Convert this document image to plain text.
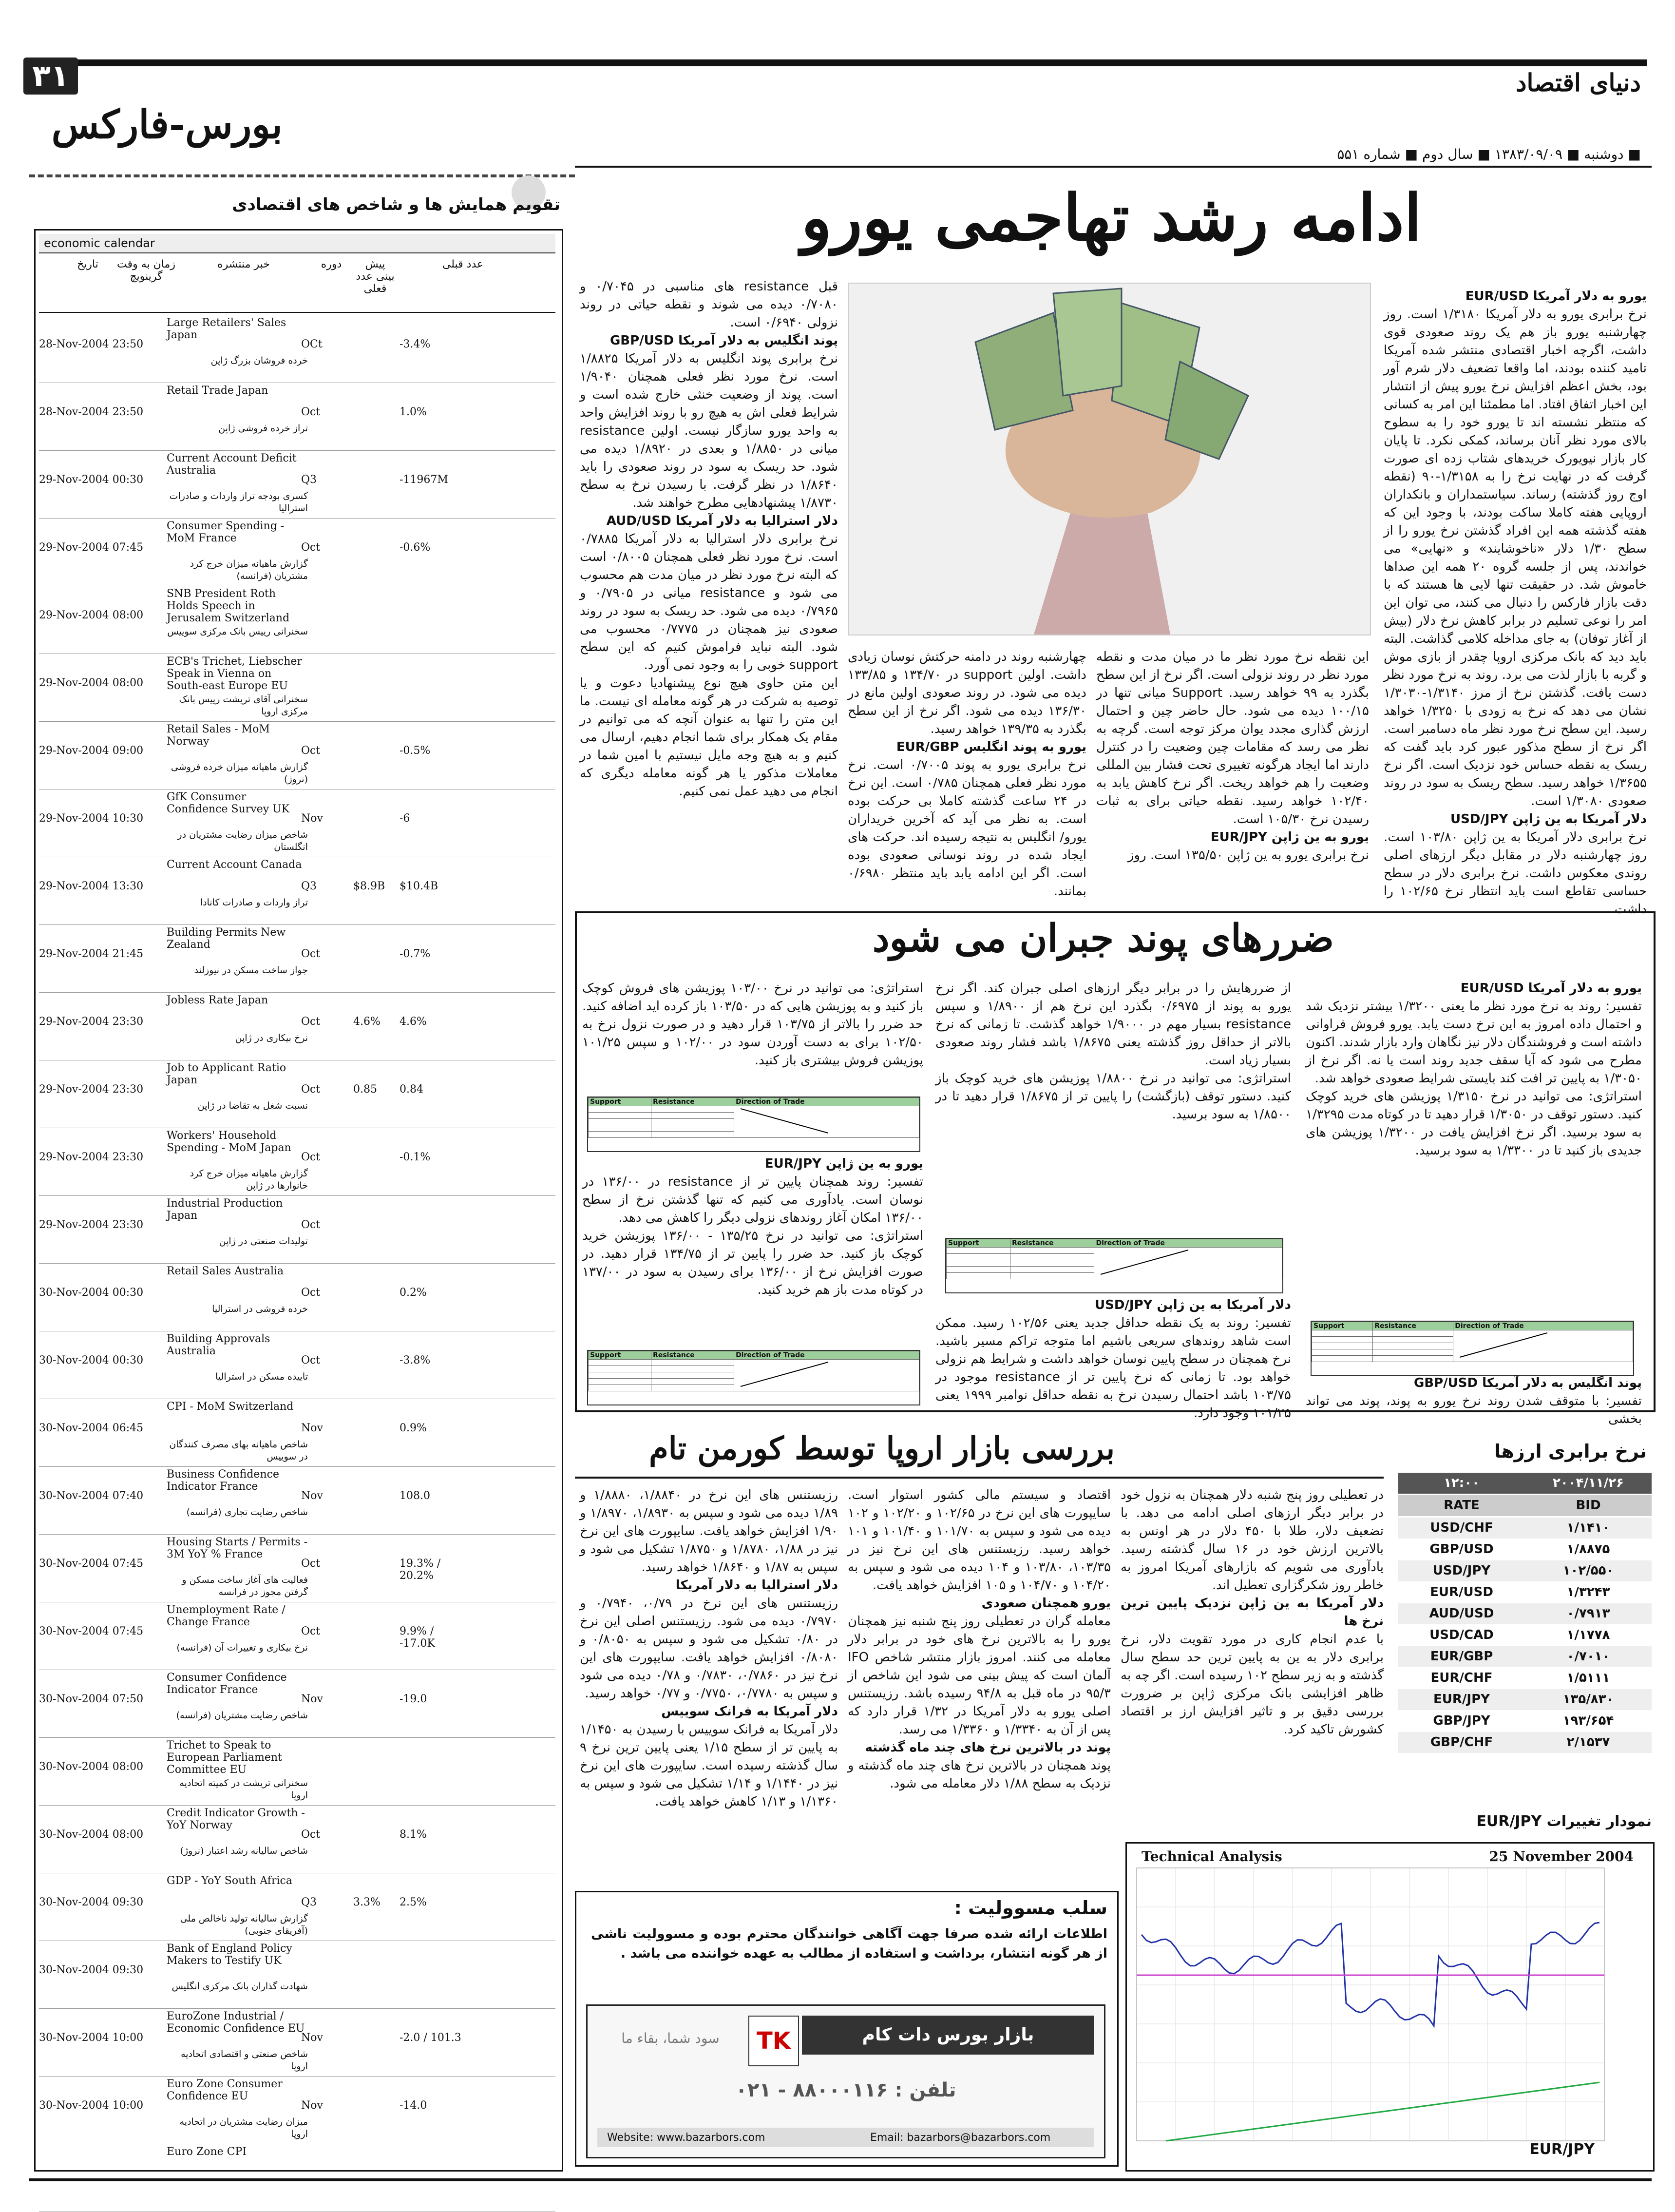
۳۱
بورس-فارکس
دنیای اقتصاد
■ دوشنبه ■ ۱۳۸۳/۰۹/۰۹ ■ سال دوم ■ شماره ۵۵۱
ادامه رشد تهاجمی یورو
یورو به دلار آمریکا EUR/USD
نرخ برابری یورو به دلار آمریکا ۱/۳۱۸۰ است. روز چهارشنبه یورو باز هم یک روند صعودی قوی داشت، اگرچه اخبار اقتصادی منتشر شده آمریکا تامید کننده بودند، اما واقعا تضعیف دلار شرم آور بود، بخش اعظم افزایش نرخ یورو پیش از انتشار این اخبار اتفاق افتاد. اما مطمئنا این امر به کسانی که منتظر نشسته اند تا یورو خود را به سطوح بالای مورد نظر آنان برساند، کمکی نکرد. تا پایان کار بازار نیویورک خریدهای شتاب زده ای صورت گرفت که در نهایت نرخ را به ۱/۳۱۵۸-۹۰ (نقطه اوج روز گذشته) رساند. سیاستمداران و بانکداران اروپایی هفته کاملا ساکت بودند، با وجود این که هفته گذشته همه این افراد گذشتن نرخ یورو را از سطح ۱/۳۰ دلار «ناخوشایند» و «نهایی» می خواندند، پس از جلسه گروه ۲۰ همه این صداها خاموش شد. در حقیقت تنها لایی ها هستند که با دقت بازار فارکس را دنبال می کنند، می توان این امر را نوعی تسلیم در برابر کاهش نرخ دلار (بیش از آغاز توفان) به جای مداخله کلامی گذاشت. البته باید دید که بانک مرکزی اروپا چقدر از بازی موش و گربه با بازار لذت می برد. روند به نرخ مورد نظر دست یافت. گذشتن نرخ از مرز ۱/۳۱۴۰-۱/۳۰۳۰ نشان می دهد که نرخ به زودی با ۱/۳۲۵۰ خواهد رسید. این سطح نرخ مورد نظر ماه دسامبر است. اگر نرخ از سطح مذکور عبور کرد باید گفت که ریسک به نقطه حساس خود نزدیک است. اگر نرخ ۱/۳۶۵۵ خواهد رسید. سطح ریسک به سود در روند صعودی ۱/۳۰۸۰ است.
دلار آمریکا به ین ژاپن USD/JPY
نرخ برابری دلار آمریکا به ین ژاپن ۱۰۳/۸۰ است. روز چهارشنبه دلار در مقابل دیگر ارزهای اصلی روندی معکوس داشت. نرخ برابری دلار در سطح حساسی تقاطع است باید انتظار نرخ ۱۰۲/۶۵ را داشت.
این نقطه نرخ مورد نظر ما در میان مدت و نقطه مورد نظر در روند نزولی است. اگر نرخ از این سطح بگذرد به ۹۹ خواهد رسید. Support میانی تنها در ۱۰۰/۱۵ دیده می شود. حال حاضر چین و احتمال ارزش گذاری مجدد یوان مرکز توجه است. گرچه به نظر می رسد که مقامات چین وضعیت را در کنترل دارند اما ایجاد هرگونه تغییری تحت فشار بین المللی وضعیت را هم خواهد ریخت. اگر نرخ کاهش یابد به ۱۰۲/۴۰ خواهد رسید. نقطه حیاتی برای به ثبات رسیدن نرخ ۱۰۵/۳۰ است.
یورو به ین ژاپن EUR/JPY
نرخ برابری یورو به ین ژاپن ۱۳۵/۵۰ است. روز
چهارشنبه روند در دامنه حرکتش نوسان زیادی داشت. اولین support در ۱۳۴/۷۰ و ۱۳۳/۸۵ دیده می شود. در روند صعودی اولین مانع در ۱۳۶/۳۰ دیده می شود. اگر نرخ از این سطح بگذرد به ۱۳۹/۳۵ خواهد رسید.
یورو به پوند انگلیس EUR/GBP
نرخ برابری یورو به پوند ۰/۷۰۰۵ است. نرخ مورد نظر فعلی همچنان ۰/۷۸۵ است. این نرخ در ۲۴ ساعت گذشته کاملا بی حرکت بوده است. به نظر می آید که آخرین خریداران یورو/ انگلیس به نتیجه رسیده اند. حرکت های ایجاد شده در روند نوسانی صعودی بوده است. اگر این ادامه یابد باید منتظر ۰/۶۹۸۰ بمانند.
قبل resistance های مناسبی در ۰/۷۰۴۵ و ۰/۷۰۸۰ دیده می شوند و نقطه حیاتی در روند نزولی ۰/۶۹۴۰ است.
پوند انگلیس به دلار آمریکا GBP/USD
نرخ برابری پوند انگلیس به دلار آمریکا ۱/۸۸۲۵ است. نرخ مورد نظر فعلی همچنان ۱/۹۰۴۰ است. پوند از وضعیت خنثی خارج شده است و شرایط فعلی اش به هیچ رو با روند افزایش واحد به واحد یورو سازگار نیست. اولین resistance میانی در ۱/۸۸۵۰ و بعدی در ۱/۸۹۲۰ دیده می شود. حد ریسک به سود در روند صعودی را باید ۱/۸۶۴۰ در نظر گرفت. با رسیدن نرخ به سطح ۱/۸۷۳۰ پیشنهادهایی مطرح خواهند شد.
دلار استرالیا به دلار آمریکا AUD/USD
نرخ برابری دلار استرالیا به دلار آمریکا ۰/۷۸۸۵ است. نرخ مورد نظر فعلی همچنان ۰/۸۰۰۵ است که البته نرخ مورد نظر در میان مدت هم محسوب می شود و resistance میانی در ۰/۷۹۰۵ و ۰/۷۹۶۵ دیده می شود. حد ریسک به سود در روند صعودی نیز همچنان در ۰/۷۷۷۵ محسوب می شود. البته نباید فراموش کنیم که این سطح support خوبی را به وجود نمی آورد.
این متن حاوی هیچ نوع پیشنهادیا دعوت و یا توصیه به شرکت در هر گونه معامله ای نیست. ما این متن را تنها به عنوان آنچه که می توانیم در مقام یک همکار برای شما انجام دهیم، ارسال می کنیم و به هیچ وجه مایل نیستیم با امین شما در معاملات مذکور یا هر گونه معامله دیگری که انجام می دهید عمل نمی کنیم.
ضررهای پوند جبران می شود
یورو به دلار آمریکا EUR/USD
تفسیر: روند به نرخ مورد نظر ما یعنی ۱/۳۲۰۰ بیشتر نزدیک شد و احتمال داده امروز به این نرخ دست یابد. یورو فروش فراوانی داشته است و فروشندگان دلار نیز نگاهان وارد بازار شدند. اکنون مطرح می شود که آیا سقف جدید روند است یا نه. اگر نرخ از ۱/۳۰۵۰ به پایین تر افت کند بایستی شرایط صعودی خواهد شد.
استراتژی: می توانید در نرخ ۱/۳۱۵۰ پوزیشن های خرید کوچک کنید. دستور توقف در ۱/۳۰۵۰ قرار دهید تا در کوتاه مدت ۱/۳۲۹۵ به سود برسید. اگر نرخ افزایش یافت در ۱/۳۲۰۰ پوزیشن های جدیدی باز کنید تا در ۱/۳۳۰۰ به سود برسید.
Support	Resistance	Direction of Trade

پوند انگلیس به دلار آمریکا GBP/USD
تفسیر: با متوقف شدن روند نرخ یورو به پوند، پوند می تواند بخشی
از ضررهایش را در برابر دیگر ارزهای اصلی جبران کند. اگر نرخ یورو به پوند از ۰/۶۹۷۵ بگذرد این نرخ هم از ۱/۸۹۰۰ و سپس resistance بسیار مهم در ۱/۹۰۰۰ خواهد گذشت. تا زمانی که نرخ بالاتر از حداقل روز گذشته یعنی ۱/۸۶۷۵ باشد فشار روند صعودی بسیار زیاد است.
استراتژی: می توانید در نرخ ۱/۸۸۰۰ پوزیشن های خرید کوچک باز کنید. دستور توقف (بازگشت) را پایین تر از ۱/۸۶۷۵ قرار دهید تا در ۱/۸۵۰۰ به سود برسید.
Support	Resistance	Direction of Trade

دلار آمریکا به ین ژاپن USD/JPY
تفسیر: روند به یک نقطه حداقل جدید یعنی ۱۰۲/۵۶ رسید. ممکن است شاهد روندهای سریعی باشیم اما متوجه تراکم مسیر باشید. نرخ همچنان در سطح پایین نوسان خواهد داشت و شرایط هم نزولی خواهد بود. تا زمانی که نرخ پایین تر از resistance موجود در ۱۰۳/۷۵ باشد احتمال رسیدن نرخ به نقطه حداقل نوامبر ۱۹۹۹ یعنی ۱۰۱/۲۵ وجود دارد.
استراتژی: می توانید در نرخ ۱۰۳/۰۰ پوزیشن های فروش کوچک باز کنید و به پوزیشن هایی که در ۱۰۳/۵۰ باز کرده اید اضافه کنید. حد ضرر را بالاتر از ۱۰۳/۷۵ قرار دهید و در صورت نزول نرخ به ۱۰۲/۵۰ برای به دست آوردن سود در ۱۰۲/۰۰ و سپس ۱۰۱/۲۵ پوزیشن فروش بیشتری باز کنید.
Support	Resistance	Direction of Trade

یورو به ین ژاپن EUR/JPY
تفسیر: روند همچنان پایین تر از resistance در ۱۳۶/۰۰ در نوسان است. یادآوری می کنیم که تنها گذشتن نرخ از سطح ۱۳۶/۰۰ امکان آغاز روندهای نزولی دیگر را کاهش می دهد.
استراتژی: می توانید در نرخ ۱۳۵/۲۵ - ۱۳۶/۰۰ پوزیشن خرید کوچک باز کنید. حد ضرر را پایین تر از ۱۳۴/۷۵ قرار دهید. در صورت افزایش نرخ از ۱۳۶/۰۰ برای رسیدن به سود در ۱۳۷/۰۰ در کوتاه مدت باز هم خرید کنید.
Support	Resistance	Direction of Trade

بررسی بازار اروپا توسط کورمن تام
در تعطیلی روز پنج شنبه دلار همچنان به نزول خود در برابر دیگر ارزهای اصلی ادامه می دهد. با تضعیف دلار، طلا با ۴۵۰ دلار در هر اونس به بالاترین ارزش خود در ۱۶ سال گذشته رسید. یادآوری می شویم که بازارهای آمریکا امروز به خاطر روز شکرگزاری تعطیل اند.
دلار آمریکا به ین ژاپن نزدیک پایین ترین نرخ ها
با عدم انجام کاری در مورد تقویت دلار، نرخ برابری دلار به ین به پایین ترین حد سطح سال گذشته و به زیر سطح ۱۰۲ رسیده است. اگر چه به ظاهر افزایشی بانک مرکزی ژاپن بر ضرورت بررسی دقیق بر و تاثیر افزایش ارز بر اقتصاد کشورش تاکید کرد.
اقتصاد و سیستم مالی کشور استوار است. سایپورت های این نرخ در ۱۰۲/۶۵ و ۱۰۲/۲۰ و ۱۰۲ دیده می شود و سپس به ۱۰۱/۷۰ و ۱۰۱/۴۰ و ۱۰۱ خواهد رسید. رزیستنس های این نرخ نیز در ۱۰۳/۳۵، ۱۰۳/۸۰ و ۱۰۴ دیده می شود و سپس به ۱۰۴/۲۰ و ۱۰۴/۷۰ و ۱۰۵ افزایش خواهد یافت.
یورو همچنان صعودی
معامله گران در تعطیلی روز پنج شنبه نیز همچنان یورو را به بالاترین نرخ های خود در برابر دلار معامله می کنند. امروز بازار منتشر شاخص IFO آلمان است که پیش بینی می شود این شاخص از ۹۵/۳ در ماه قبل به ۹۴/۸ رسیده باشد. رزیستنس اصلی یورو به دلار آمریکا در ۱/۳۲ قرار دارد که پس از آن به ۱/۳۳۴۰ و ۱/۳۳۶۰ می رسد.
پوند در بالاترین نرخ های چند ماه گذشته
پوند همچنان در بالاترین نرخ های چند ماه گذشته و نزدیک به سطح ۱/۸۸ دلار معامله می شود.
رزیستنس های این نرخ در ۱/۸۸۴۰، ۱/۸۸۸۰ و ۱/۸۹ دیده می شود و سپس به ۱/۸۹۳۰، ۱/۸۹۷۰ و ۱/۹۰ افزایش خواهد یافت. سایپورت های این نرخ نیز در ۱/۸۸، ۱/۸۷۸۰ و ۱/۸۷۵۰ تشکیل می شود و سپس به ۱/۸۷ و ۱/۸۶۴۰ خواهد رسید.
دلار استرالیا به دلار آمریکا
رزیستنس های این نرخ در ۰/۷۹، ۰/۷۹۴۰ و ۰/۷۹۷۰ دیده می شود. رزیستنس اصلی این نرخ در ۰/۸۰ تشکیل می شود و سپس به ۰/۸۰۵۰ و ۰/۸۰۸۰ افزایش خواهد یافت. سایپورت های این نرخ نیز در ۰/۷۸۶۰، ۰/۷۸۳۰ و ۰/۷۸ دیده می شود و سپس به ۰/۷۷۸۰، ۰/۷۷۵۰ و ۰/۷۷ خواهد رسید.
دلار آمریکا به فرانک سوییس
دلار آمریکا به فرانک سوییس با رسیدن به ۱/۱۴۵۰ به پایین تر از سطح ۱/۱۵ یعنی پایین ترین نرخ ۹ سال گذشته رسیده است. سایپورت های این نرخ نیز در ۱/۱۴۴۰ و ۱/۱۴ تشکیل می شود و سپس به ۱/۱۳۶۰ و ۱/۱۳ کاهش خواهد یافت.
نرخ برابری ارزها
۱۲:۰۰	۲۰۰۴/۱۱/۲۶
RATE	BID
USD/CHF	۱/۱۴۱۰
GBP/USD	۱/۸۸۷۵
USD/JPY	۱۰۲/۵۵۰
EUR/USD	۱/۳۲۴۳
AUD/USD	۰/۷۹۱۳
USD/CAD	۱/۱۷۷۸
EUR/GBP	۰/۷۰۱۰
EUR/CHF	۱/۵۱۱۱
EUR/JPY	۱۳۵/۸۳۰
GBP/JPY	۱۹۳/۶۵۴
GBP/CHF	۲/۱۵۳۷
نمودار تغییرات EUR/JPY
Technical Analysis	25 November 2004
EUR/JPY
سلب مسوولیت :
اطلاعات ارائه شده صرفا جهت آگاهی خوانندگان محترم بوده و مسوولیت ناشی از هر گونه انتشار، برداشت و استفاده از مطالب به عهده خواننده می باشد .
بازار بورس دات کام
TK
سود شما، بقاء ما
تلفن : ۸۸۰۰۰۱۱۶ - ۰۲۱
Website: www.bazarbors.com	Email: bazarbors@bazarbors.com
تقویم همایش ها و شاخص های اقتصادی
economic calendar
تاریخ	زمان به وقت گرینویچ
خبر منتشره	دوره	پیش بینی عدد فعلی
عدد قبلی
28-Nov-2004 23:50
Large Retailers' Sales Japan
خرده فروشان بزرگ ژاپن
OCt	-3.4%
28-Nov-2004 23:50
Retail Trade Japan
تراز خرده فروشی ژاپن
Oct	1.0%
29-Nov-2004 00:30
Current Account Deficit Australia
کسری بودجه تراز واردات و صادرات استرالیا
Q3	-11967M
29-Nov-2004 07:45
Consumer Spending - MoM France
گزارش ماهیانه میزان خرج کرد مشتریان (فرانسه)
Oct	-0.6%
29-Nov-2004 08:00
SNB President Roth Holds Speech in Jerusalem Switzerland
سخنرانی رییس بانک مرکزی سوییس
29-Nov-2004 08:00
ECB's Trichet, Liebscher Speak in Vienna on South-east Europe EU
سخنرانی آقای تریشت رییس بانک مرکزی اروپا
29-Nov-2004 09:00
Retail Sales - MoM Norway
گزارش ماهیانه میزان خرده فروشی (نروژ)
Oct	-0.5%
29-Nov-2004 10:30
GfK Consumer Confidence Survey UK
شاخص میزان رضایت مشتریان در انگلستان
Nov	-6
29-Nov-2004 13:30
Current Account Canada
تراز واردات و صادرات کانادا
Q3	$8.9B	$10.4B
29-Nov-2004 21:45
Building Permits New Zealand
جواز ساخت مسکن در نیوزلند
Oct	-0.7%
29-Nov-2004 23:30
Jobless Rate Japan
نرخ بیکاری در ژاپن
Oct	4.6%	4.6%
29-Nov-2004 23:30
Job to Applicant Ratio Japan
نسبت شغل به تقاضا در ژاپن
Oct	0.85	0.84
29-Nov-2004 23:30
Workers' Household Spending - MoM Japan
گزارش ماهیانه میزان خرج کرد خانوارها در ژاپن
Oct	-0.1%
29-Nov-2004 23:30
Industrial Production Japan
تولیدات صنعتی در ژاپن
Oct
30-Nov-2004 00:30
Retail Sales Australia
خرده فروشی در استرالیا
Oct	0.2%
30-Nov-2004 00:30
Building Approvals Australia
تاییده مسکن در استرالیا
Oct	-3.8%
30-Nov-2004 06:45
CPI - MoM Switzerland
شاخص ماهیانه بهای مصرف کنندگان در سوییس
Nov	0.9%
30-Nov-2004 07:40
Business Confidence Indicator France
شاخص رضایت تجاری (فرانسه)
Nov	108.0
30-Nov-2004 07:45
Housing Starts / Permits - 3M YoY % France
فعالیت های آغاز ساخت مسکن و گرفتن مجوز در فرانسه
Oct	19.3% / 20.2%
30-Nov-2004 07:45
Unemployment Rate / Change France
نرخ بیکاری و تغییرات آن (فرانسه)
Oct	9.9% / -17.0K
30-Nov-2004 07:50
Consumer Confidence Indicator France
شاخص رضایت مشتریان (فرانسه)
Nov	-19.0
30-Nov-2004 08:00
Trichet to Speak to European Parliament Committee EU
سخنرانی تریشت در کمیته اتحادیه اروپا
30-Nov-2004 08:00
Credit Indicator Growth - YoY Norway
شاخص سالیانه رشد اعتبار (نروژ)
Oct	8.1%
30-Nov-2004 09:30
GDP - YoY South Africa
گزارش سالیانه تولید ناخالص ملی (آفریقای جنوبی)
Q3	3.3%	2.5%
30-Nov-2004 09:30
Bank of England Policy Makers to Testify UK
شهادت گذاران بانک مرکزی انگلیس
30-Nov-2004 10:00
EuroZone Industrial / Economic Confidence EU
شاخص صنعتی و اقتصادی اتحادیه اروپا
Nov	-2.0 / 101.3
30-Nov-2004 10:00
Euro Zone Consumer Confidence EU
میزان رضایت مشتریان در اتحادیه اروپا
Nov	-14.0
Euro Zone CPI
